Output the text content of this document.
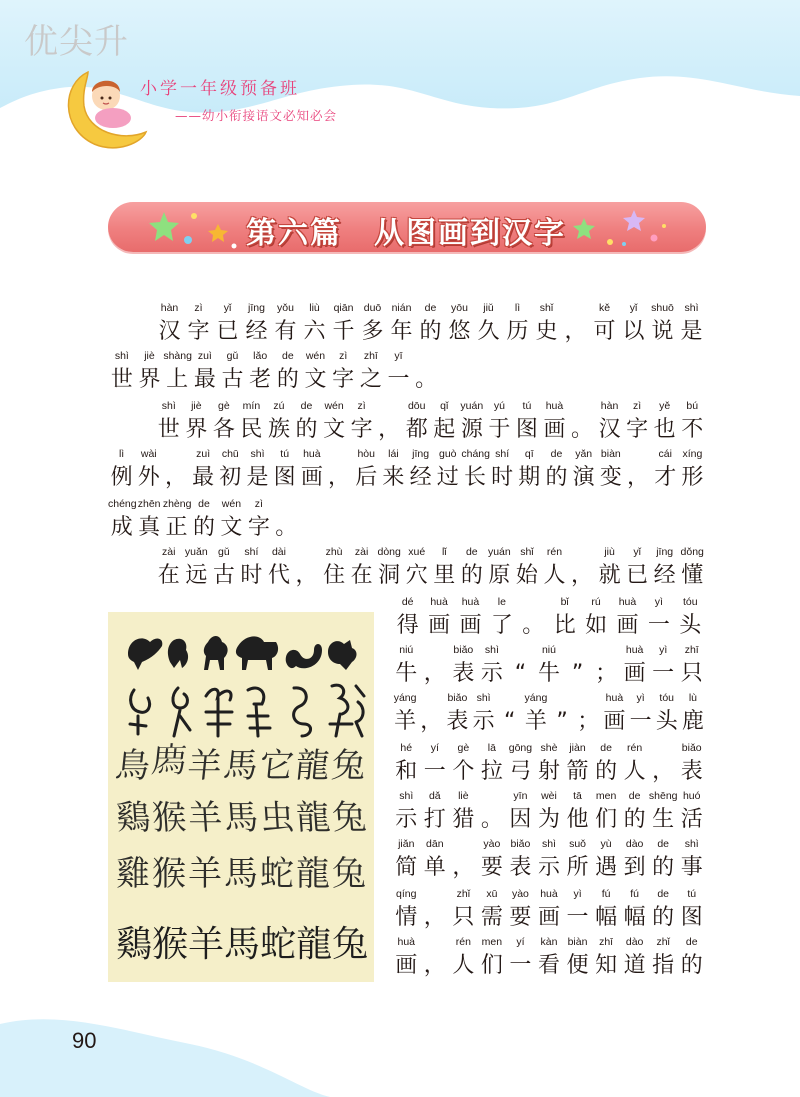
优尖升
小学一年级预备班
——幼小衔接语文必知必会
第六篇　从图画到汉字
hàn
汉
zì
字
yǐ
已
jīng
经
yǒu
有
liù
六
qiān
千
duō
多
nián
年
de
的
yōu
悠
jiǔ
久
lì
历
shǐ
史
，
kě
可
yǐ
以
shuō
说
shì
是
shì
世
jiè
界
shàng
上
zuì
最
gǔ
古
lǎo
老
de
的
wén
文
zì
字
zhī
之
yī
一
。
shì
世
jiè
界
gè
各
mín
民
zú
族
de
的
wén
文
zì
字
，
dōu
都
qǐ
起
yuán
源
yú
于
tú
图
huà
画
。
hàn
汉
zì
字
yě
也
bú
不
lì
例
wài
外
，
zuì
最
chū
初
shì
是
tú
图
huà
画
，
hòu
后
lái
来
jīng
经
guò
过
cháng
长
shí
时
qī
期
de
的
yǎn
演
biàn
变
，
cái
才
xíng
形
chéng
成
zhēn
真
zhèng
正
de
的
wén
文
zì
字
。
zài
在
yuǎn
远
gǔ
古
shí
时
dài
代
，
zhù
住
zài
在
dòng
洞
xué
穴
lǐ
里
de
的
yuán
原
shǐ
始
rén
人
，
jiù
就
yǐ
已
jīng
经
dǒng
懂
dé
得
huà
画
huà
画
le
了
。
bǐ
比
rú
如
huà
画
yì
一
tóu
头
niú
牛
，
biǎo
表
shì
示
“
niú
牛
”
；
huà
画
yì
一
zhī
只
yáng
羊
，
biǎo
表
shì
示
“
yáng
羊
”
；
huà
画
yì
一
tóu
头
lù
鹿
hé
和
yí
一
gè
个
lā
拉
gōng
弓
shè
射
jiàn
箭
de
的
rén
人
，
biǎo
表
shì
示
dǎ
打
liè
猎
。
yīn
因
wèi
为
tā
他
men
们
de
的
shēng
生
huó
活
jiǎn
简
dān
单
，
yào
要
biǎo
表
shì
示
suǒ
所
yù
遇
dào
到
de
的
shì
事
qíng
情
，
zhǐ
只
xū
需
yào
要
huà
画
yì
一
fú
幅
fú
幅
de
的
tú
图
huà
画
，
rén
人
men
们
yí
一
kàn
看
biàn
便
zhī
知
dào
道
zhǐ
指
de
的
鳥
𢊁
羊
馬
它
龍
兔
鷄 猴 羊 馬 虫 龍 兔
雞 猴 羊 馬 蛇 龍 兔
鷄 猴 羊 馬 蛇 龍 兔
90
